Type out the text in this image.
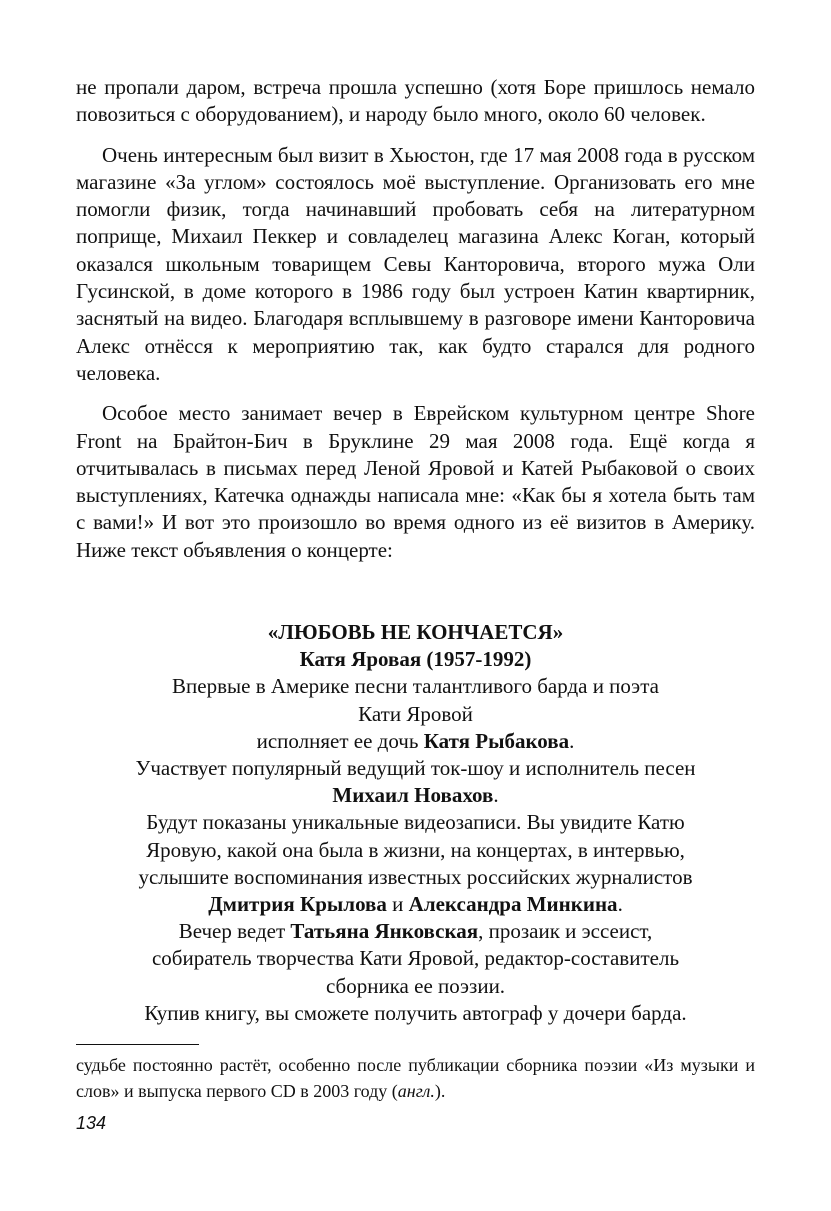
не пропали даром, встреча прошла успешно (хотя Боре пришлось немало повозиться с оборудованием), и народу было много, около 60 человек.

Очень интересным был визит в Хьюстон, где 17 мая 2008 года в русском магазине «За углом» состоялось моё выступление. Организовать его мне помогли физик, тогда начинавший пробовать себя на литературном поприще, Михаил Пеккер и совладелец магазина Алекс Коган, который оказался школьным товарищем Севы Канторовича, второго мужа Оли Гусинской, в доме которого в 1986 году был устроен Катин квартирник, заснятый на видео. Благодаря всплывшему в разговоре имени Канторовича Алекс отнёсся к мероприятию так, как будто старался для родного человека.

Особое место занимает вечер в Еврейском культурном центре Shore Front на Брайтон-Бич в Бруклине 29 мая 2008 года. Ещё когда я отчитывалась в письмах перед Леной Яровой и Катей Рыбаковой о своих выступлениях, Катечка однажды написала мне: «Как бы я хотела быть там с вами!» И вот это произошло во время одного из её визитов в Америку. Ниже текст объявления о концерте:

«ЛЮБОВЬ НЕ КОНЧАЕТСЯ»
Катя Яровая (1957-1992)
Впервые в Америке песни талантливого барда и поэта
Кати Яровой
исполняет ее дочь Катя Рыбакова.
Участвует популярный ведущий ток-шоу и исполнитель песен
Михаил Новахов.
Будут показаны уникальные видеозаписи. Вы увидите Катю
Яровую, какой она была в жизни, на концертах, в интервью,
услышите воспоминания известных российских журналистов
Дмитрия Крылова и Александра Минкина.
Вечер ведет Татьяна Янковская, прозаик и эссеист,
собиратель творчества Кати Яровой, редактор-составитель
сборника ее поэзии.
Купив книгу, вы сможете получить автограф у дочери барда.

судьбе постоянно растёт, особенно после публикации сборника поэзии «Из музыки и слов» и выпуска первого CD в 2003 году (англ.).

134
